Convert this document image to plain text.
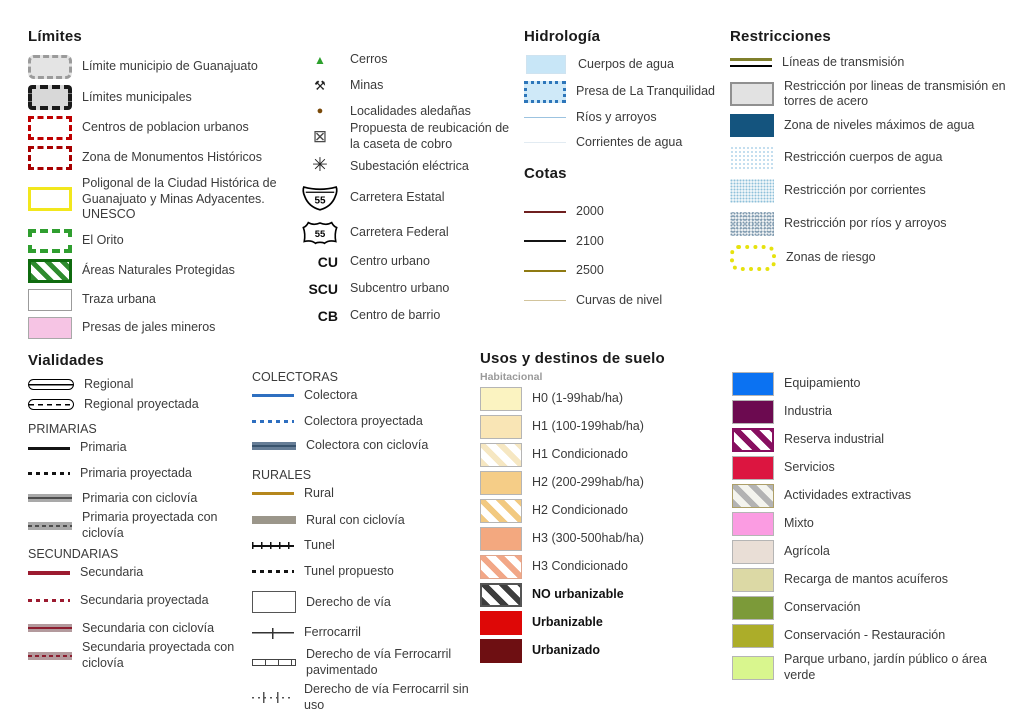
Límites
Límite municipio de Guanajuato
Límites municipales
Centros de poblacion urbanos
Zona de Monumentos Históricos
Poligonal de la Ciudad Histórica de Guanajuato y Minas Adyacentes. UNESCO
El Orito
Áreas Naturales Protegidas
Traza urbana
Presas de jales mineros
▲	Cerros
⚒	Minas
●	Localidades aledañas
⊠	Propuesta de reubicación de la caseta de cobro
✳	Subestación eléctrica
55 Carretera Estatal
55 Carretera Federal
CU Centro urbano
SCU Subcentro urbano
CB Centro de barrio
Hidrología
Cuerpos de agua
Presa de La Tranquilidad
Ríos y arroyos
Corrientes de agua
Cotas
2000
2100
2500
Curvas de nivel
Restricciones
Líneas de transmisión
Restricción por lineas de transmisión en torres de acero
Zona de niveles máximos de agua
Restricción cuerpos de agua
Restricción por corrientes
Restricción por ríos y arroyos
Zonas de riesgo
Vialidades
Regional
Regional proyectada
PRIMARIAS
Primaria
Primaria proyectada
Primaria con ciclovía
Primaria proyectada con ciclovía
SECUNDARIAS
Secundaria
Secundaria proyectada
Secundaria con ciclovía
Secundaria proyectada con ciclovía
COLECTORAS
Colectora
Colectora proyectada
Colectora con ciclovía
RURALES
Rural
Rural con ciclovía
Tunel
Tunel propuesto
Derecho de vía
Ferrocarril
Derecho de vía Ferrocarril pavimentado
Derecho de vía Ferrocarril sin uso
Usos y destinos de suelo
Habitacional
H0 (1-99hab/ha)
H1 (100-199hab/ha)
H1 Condicionado
H2 (200-299hab/ha)
H2 Condicionado
H3 (300-500hab/ha)
H3 Condicionado
NO urbanizable
Urbanizable
Urbanizado
Equipamiento
Industria
Reserva industrial
Servicios
Actividades extractivas
Mixto
Agrícola
Recarga de mantos acuíferos
Conservación
Conservación - Restauración
Parque urbano, jardín público o área verde
